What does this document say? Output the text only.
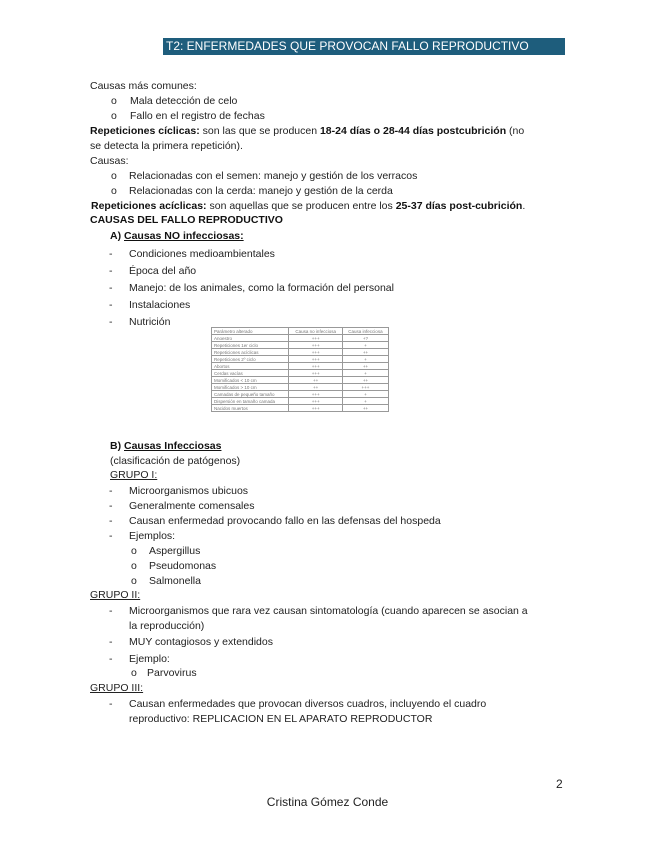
T2: ENFERMEDADES QUE PROVOCAN FALLO REPRODUCTIVO
Causas más comunes:
o Mala detección de celo
o Fallo en el registro de fechas
Repeticiones cíclicas: son las que se producen 18-24 días o 28-44 días postcubrición (no
se detecta la primera repetición).
Causas:
o Relacionadas con el semen: manejo y gestión de los verracos
o Relacionadas con la cerda: manejo y gestión de la cerda
Repeticiones acíclicas: son aquellas que se producen entre los 25-37 días post-cubrición.
CAUSAS DEL FALLO REPRODUCTIVO
A) Causas NO infecciosas:
- Condiciones medioambientales
- Época del año
- Manejo: de los animales, como la formación del personal
- Instalaciones
- Nutrición
Parámetro alterado	Causa no infecciosa	Causa infecciosa
Anoestro	+++	+?
Repeticiones 1er ciclo	+++	+
Repeticiones acíclicas	+++	++
Repeticiones 2º ciclo	+++	+
Abortos	+++	++
Cerdas vacías	+++	+
Momificados < 10 cm	++	++
Momificados > 10 cm	++	+++
Camadas de pequeño tamaño	+++	+
Dispersión en tamaño camada	+++	+
Nacidos muertos	+++	++
B) Causas Infecciosas
(clasificación de patógenos)
GRUPO I:
- Microorganismos ubicuos
- Generalmente comensales
- Causan enfermedad provocando fallo en las defensas del hospeda
- Ejemplos:
o Aspergillus
o Pseudomonas
o Salmonella
GRUPO II:
- Microorganismos que rara vez causan sintomatología (cuando aparecen se asocian a
la reproducción)
- MUY contagiosos y extendidos
- Ejemplo:
o Parvovirus
GRUPO III:
- Causan enfermedades que provocan diversos cuadros, incluyendo el cuadro
reproductivo: REPLICACION EN EL APARATO REPRODUCTOR
2
Cristina Gómez Conde
